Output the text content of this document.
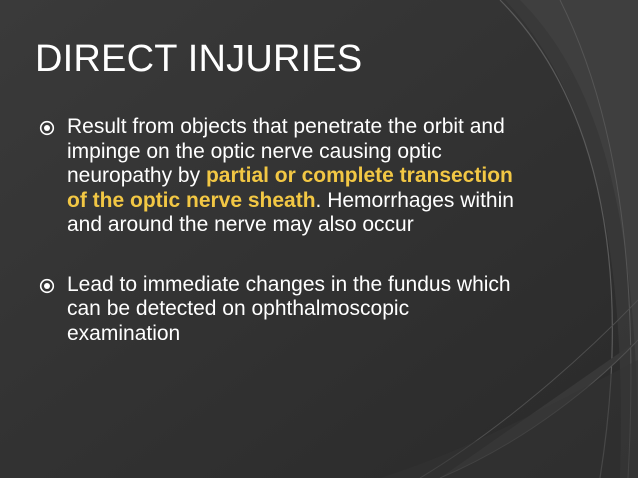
DIRECT INJURIES
Result from objects that penetrate the orbit and impinge on the optic nerve causing optic neuropathy by partial or complete transection of the optic nerve sheath. Hemorrhages within and around the nerve may also occur
Lead to immediate changes in the fundus which can be detected on ophthalmoscopic examination
